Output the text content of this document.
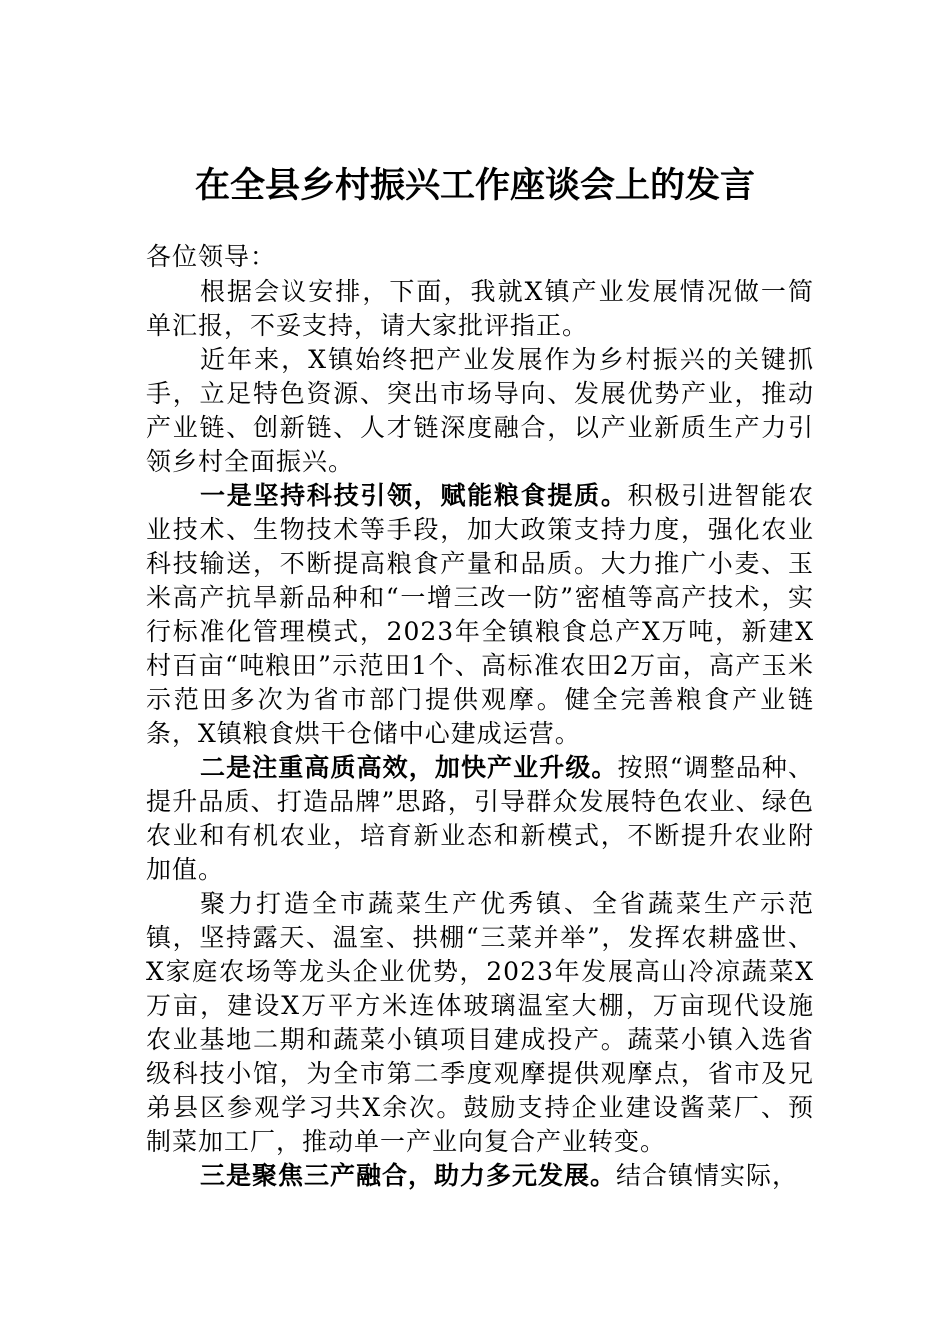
在全县乡村振兴工作座谈会上的发言

各位领导：

根据会议安排，下面，我就X镇产业发展情况做一简单汇报，不妥支持，请大家批评指正。

近年来，X镇始终把产业发展作为乡村振兴的关键抓手，立足特色资源、突出市场导向、发展优势产业，推动产业链、创新链、人才链深度融合，以产业新质生产力引领乡村全面振兴。

一是坚持科技引领，赋能粮食提质。积极引进智能农业技术、生物技术等手段，加大政策支持力度，强化农业科技输送，不断提高粮食产量和品质。大力推广小麦、玉米高产抗旱新品种和“一增三改一防”密植等高产技术，实行标准化管理模式，2023年全镇粮食总产X万吨，新建X村百亩“吨粮田”示范田1个、高标准农田2万亩，高产玉米示范田多次为省市部门提供观摩。健全完善粮食产业链条，X镇粮食烘干仓储中心建成运营。

二是注重高质高效，加快产业升级。按照“调整品种、提升品质、打造品牌”思路，引导群众发展特色农业、绿色农业和有机农业，培育新业态和新模式，不断提升农业附加值。

聚力打造全市蔬菜生产优秀镇、全省蔬菜生产示范镇，坚持露天、温室、拱棚“三菜并举”，发挥农耕盛世、X家庭农场等龙头企业优势，2023年发展高山冷凉蔬菜X万亩，建设X万平方米连体玻璃温室大棚，万亩现代设施农业基地二期和蔬菜小镇项目建成投产。蔬菜小镇入选省级科技小馆，为全市第二季度观摩提供观摩点，省市及兄弟县区参观学习共X余次。鼓励支持企业建设酱菜厂、预制菜加工厂，推动单一产业向复合产业转变。

三是聚焦三产融合，助力多元发展。结合镇情实际，
